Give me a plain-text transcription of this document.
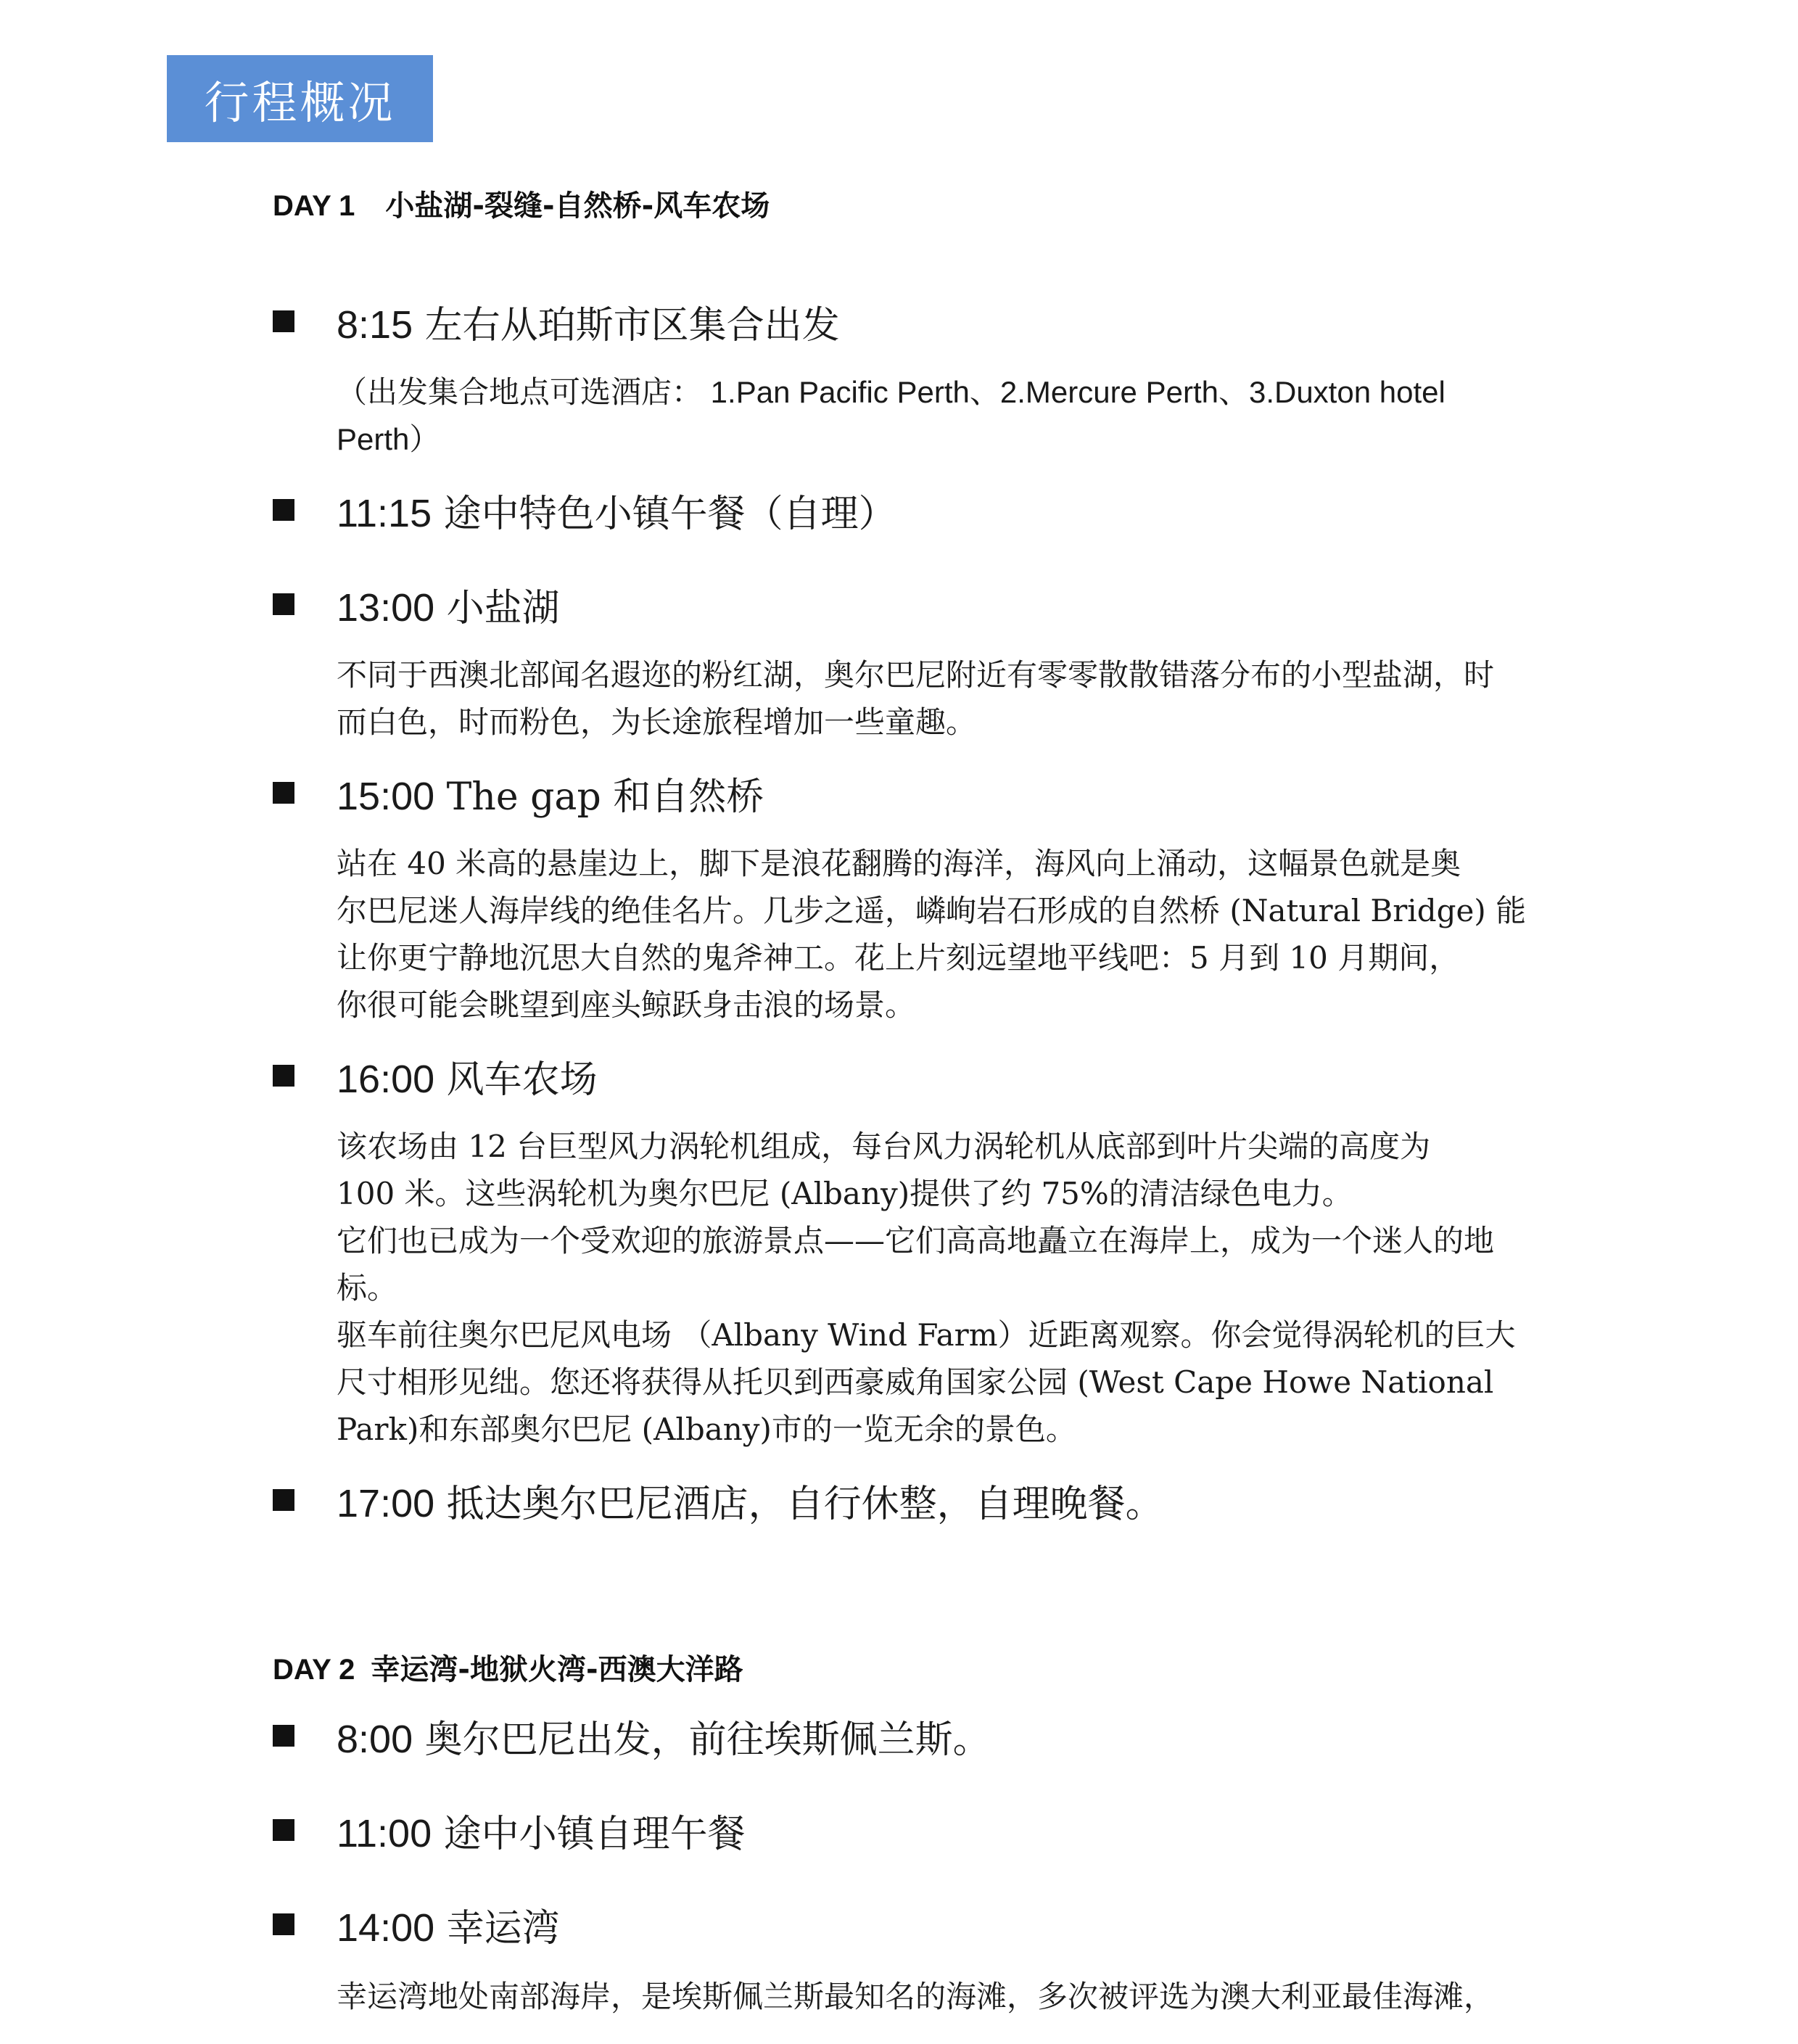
行程概况
DAY 1 小盐湖-裂缝-自然桥-风车农场
8:15 左右从珀斯市区集合出发
（出发集合地点可选酒店： 1.Pan Pacific Perth、2.Mercure Perth、3.Duxton hotel
Perth）
11:15 途中特色小镇午餐（自理）
13:00 小盐湖
不同于西澳北部闻名遐迩的粉红湖，奥尔巴尼附近有零零散散错落分布的小型盐湖，时
而白色，时而粉色，为长途旅程增加一些童趣。
15:00 The gap 和自然桥
站在 40 米高的悬崖边上，脚下是浪花翻腾的海洋，海风向上涌动，这幅景色就是奥
尔巴尼迷人海岸线的绝佳名片。几步之遥，嶙峋岩石形成的自然桥 (Natural Bridge) 能
让你更宁静地沉思大自然的鬼斧神工。花上片刻远望地平线吧：5 月到 10 月期间，
你很可能会眺望到座头鲸跃身击浪的场景。
16:00 风车农场
该农场由 12 台巨型风力涡轮机组成，每台风力涡轮机从底部到叶片尖端的高度为
100 米。这些涡轮机为奥尔巴尼 (Albany)提供了约 75%的清洁绿色电力。
它们也已成为一个受欢迎的旅游景点——它们高高地矗立在海岸上，成为一个迷人的地
标。
驱车前往奥尔巴尼风电场 （Albany Wind Farm）近距离观察。你会觉得涡轮机的巨大
尺寸相形见绌。您还将获得从托贝到西豪威角国家公园 (West Cape Howe National
Park)和东部奥尔巴尼 (Albany)市的一览无余的景色。
17:00 抵达奥尔巴尼酒店，自行休整，自理晚餐。
DAY 2 幸运湾-地狱火湾-西澳大洋路
8:00 奥尔巴尼出发，前往埃斯佩兰斯。
11:00 途中小镇自理午餐
14:00 幸运湾
幸运湾地处南部海岸，是埃斯佩兰斯最知名的海滩，多次被评选为澳大利亚最佳海滩，
